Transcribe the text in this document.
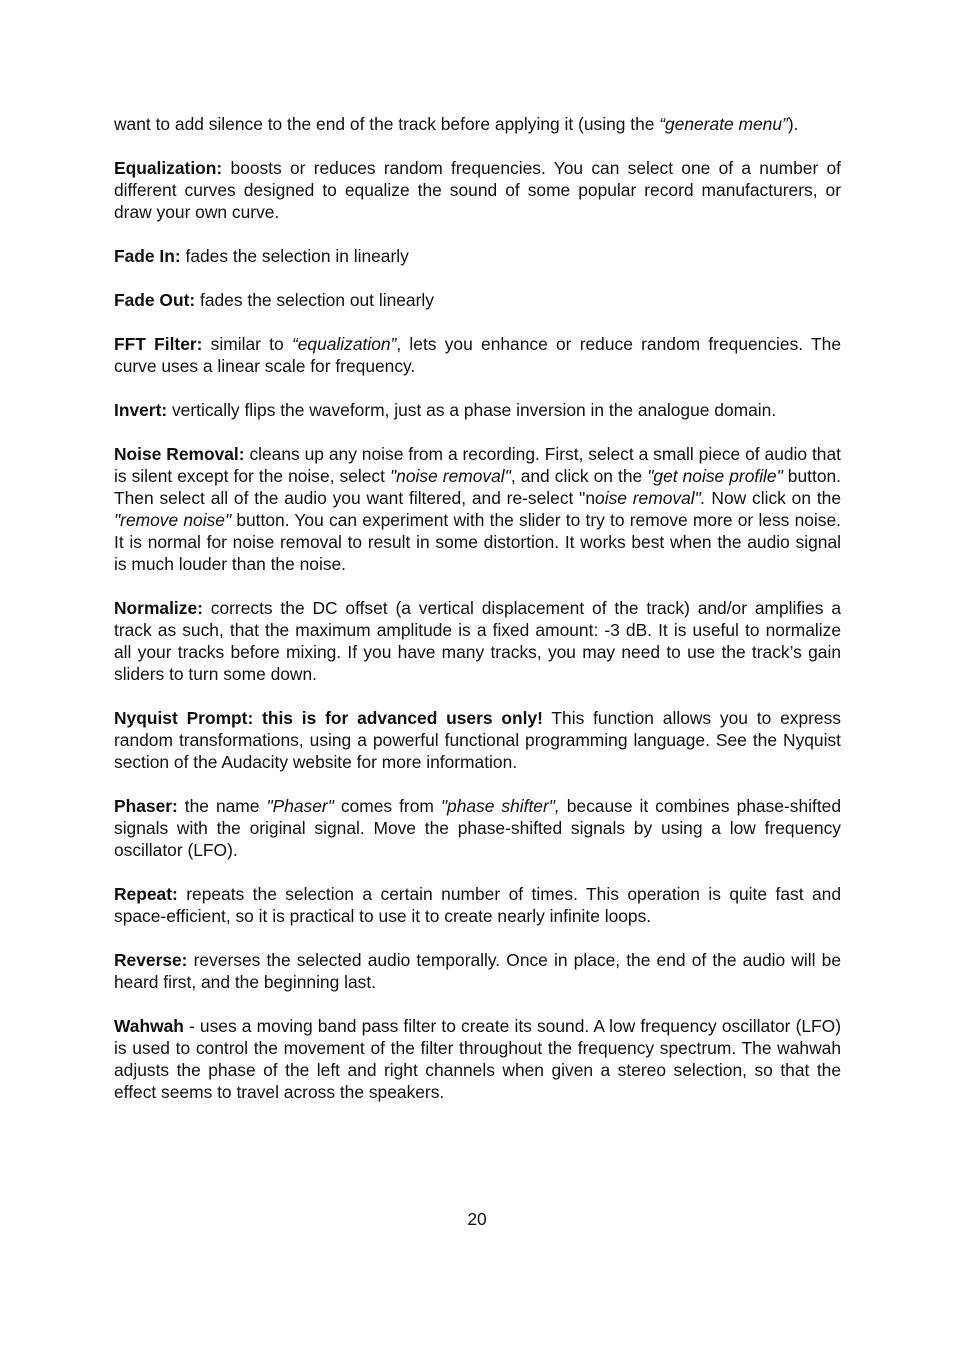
want to add silence to the end of the track before applying it (using the “generate menu”).

Equalization: boosts or reduces random frequencies. You can select one of a number of different curves designed to equalize the sound of some popular record manufacturers, or draw your own curve.

Fade In: fades the selection in linearly

Fade Out: fades the selection out linearly

FFT Filter: similar to “equalization”, lets you enhance or reduce random frequencies. The curve uses a linear scale for frequency.

Invert: vertically flips the waveform, just as a phase inversion in the analogue domain.

Noise Removal: cleans up any noise from a recording. First, select a small piece of audio that is silent except for the noise, select "noise removal", and click on the "get noise profile" button. Then select all of the audio you want filtered, and re-select "noise removal". Now click on the "remove noise" button. You can experiment with the slider to try to remove more or less noise. It is normal for noise removal to result in some distortion. It works best when the audio signal is much louder than the noise.

Normalize: corrects the DC offset (a vertical displacement of the track) and/or amplifies a track as such, that the maximum amplitude is a fixed amount: -3 dB. It is useful to normalize all your tracks before mixing. If you have many tracks, you may need to use the track’s gain sliders to turn some down.

Nyquist Prompt: this is for advanced users only! This function allows you to express random transformations, using a powerful functional programming language. See the Nyquist section of the Audacity website for more information.

Phaser: the name "Phaser" comes from "phase shifter", because it combines phase-shifted signals with the original signal. Move the phase-shifted signals by using a low frequency oscillator (LFO).

Repeat: repeats the selection a certain number of times. This operation is quite fast and space-efficient, so it is practical to use it to create nearly infinite loops.

Reverse: reverses the selected audio temporally. Once in place, the end of the audio will be heard first, and the beginning last.

Wahwah - uses a moving band pass filter to create its sound. A low frequency oscillator (LFO) is used to control the movement of the filter throughout the frequency spectrum. The wahwah adjusts the phase of the left and right channels when given a stereo selection, so that the effect seems to travel across the speakers.

20
